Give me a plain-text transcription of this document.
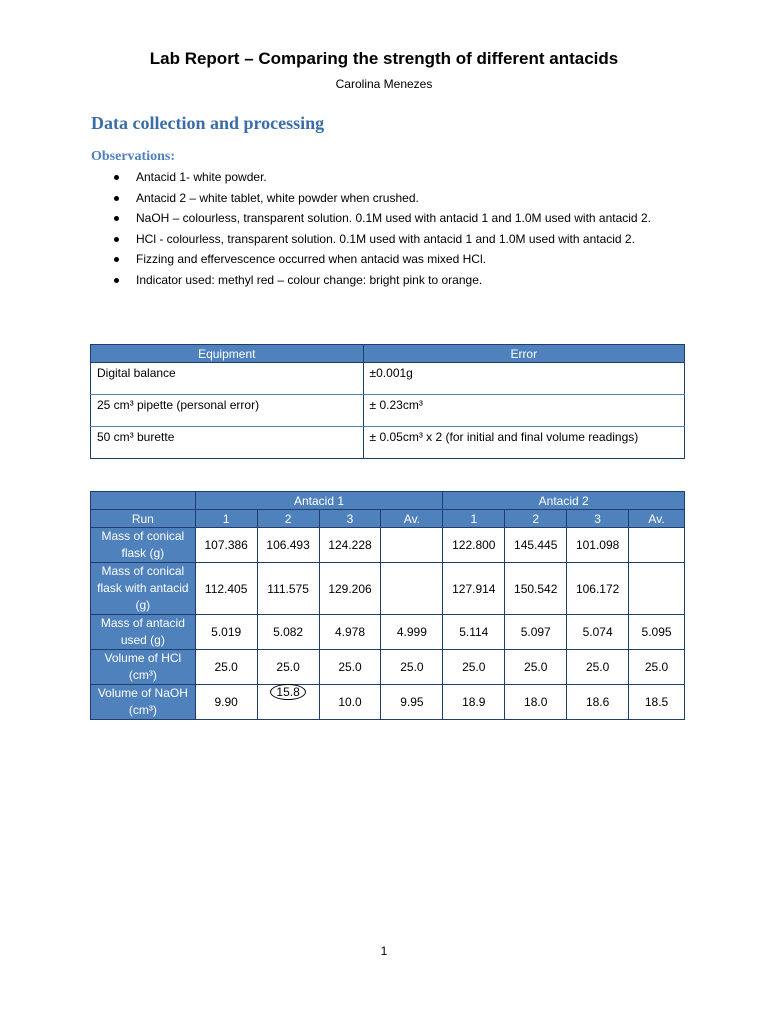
Lab Report – Comparing the strength of different antacids
Carolina Menezes
Data collection and processing
Observations:
Antacid 1- white powder.
Antacid 2 – white tablet, white powder when crushed.
NaOH – colourless, transparent solution. 0.1M used with antacid 1 and 1.0M used with antacid 2.
HCl - colourless, transparent solution. 0.1M used with antacid 1 and 1.0M used with antacid 2.
Fizzing and effervescence occurred when antacid was mixed HCl.
Indicator used: methyl red – colour change: bright pink to orange.
Equipment	Error
Digital balance	±0.001g
25 cm³ pipette (personal error)	± 0.23cm³
50 cm³ burette	± 0.05cm³ x 2 (for initial and final volume readings)
	Antacid 1				Antacid 2			
Run	1	2	3	Av.	1	2	3	Av.
Mass of conical flask (g)	107.386	106.493	124.228		122.800	145.445	101.098	
Mass of conical flask with antacid (g)	112.405	111.575	129.206		127.914	150.542	106.172	
Mass of antacid used (g)	5.019	5.082	4.978	4.999	5.114	5.097	5.074	5.095
Volume of HCl (cm³)	25.0	25.0	25.0	25.0	25.0	25.0	25.0	25.0
Volume of NaOH (cm³)	9.90	15.8	10.0	9.95	18.9	18.0	18.6	18.5
1
